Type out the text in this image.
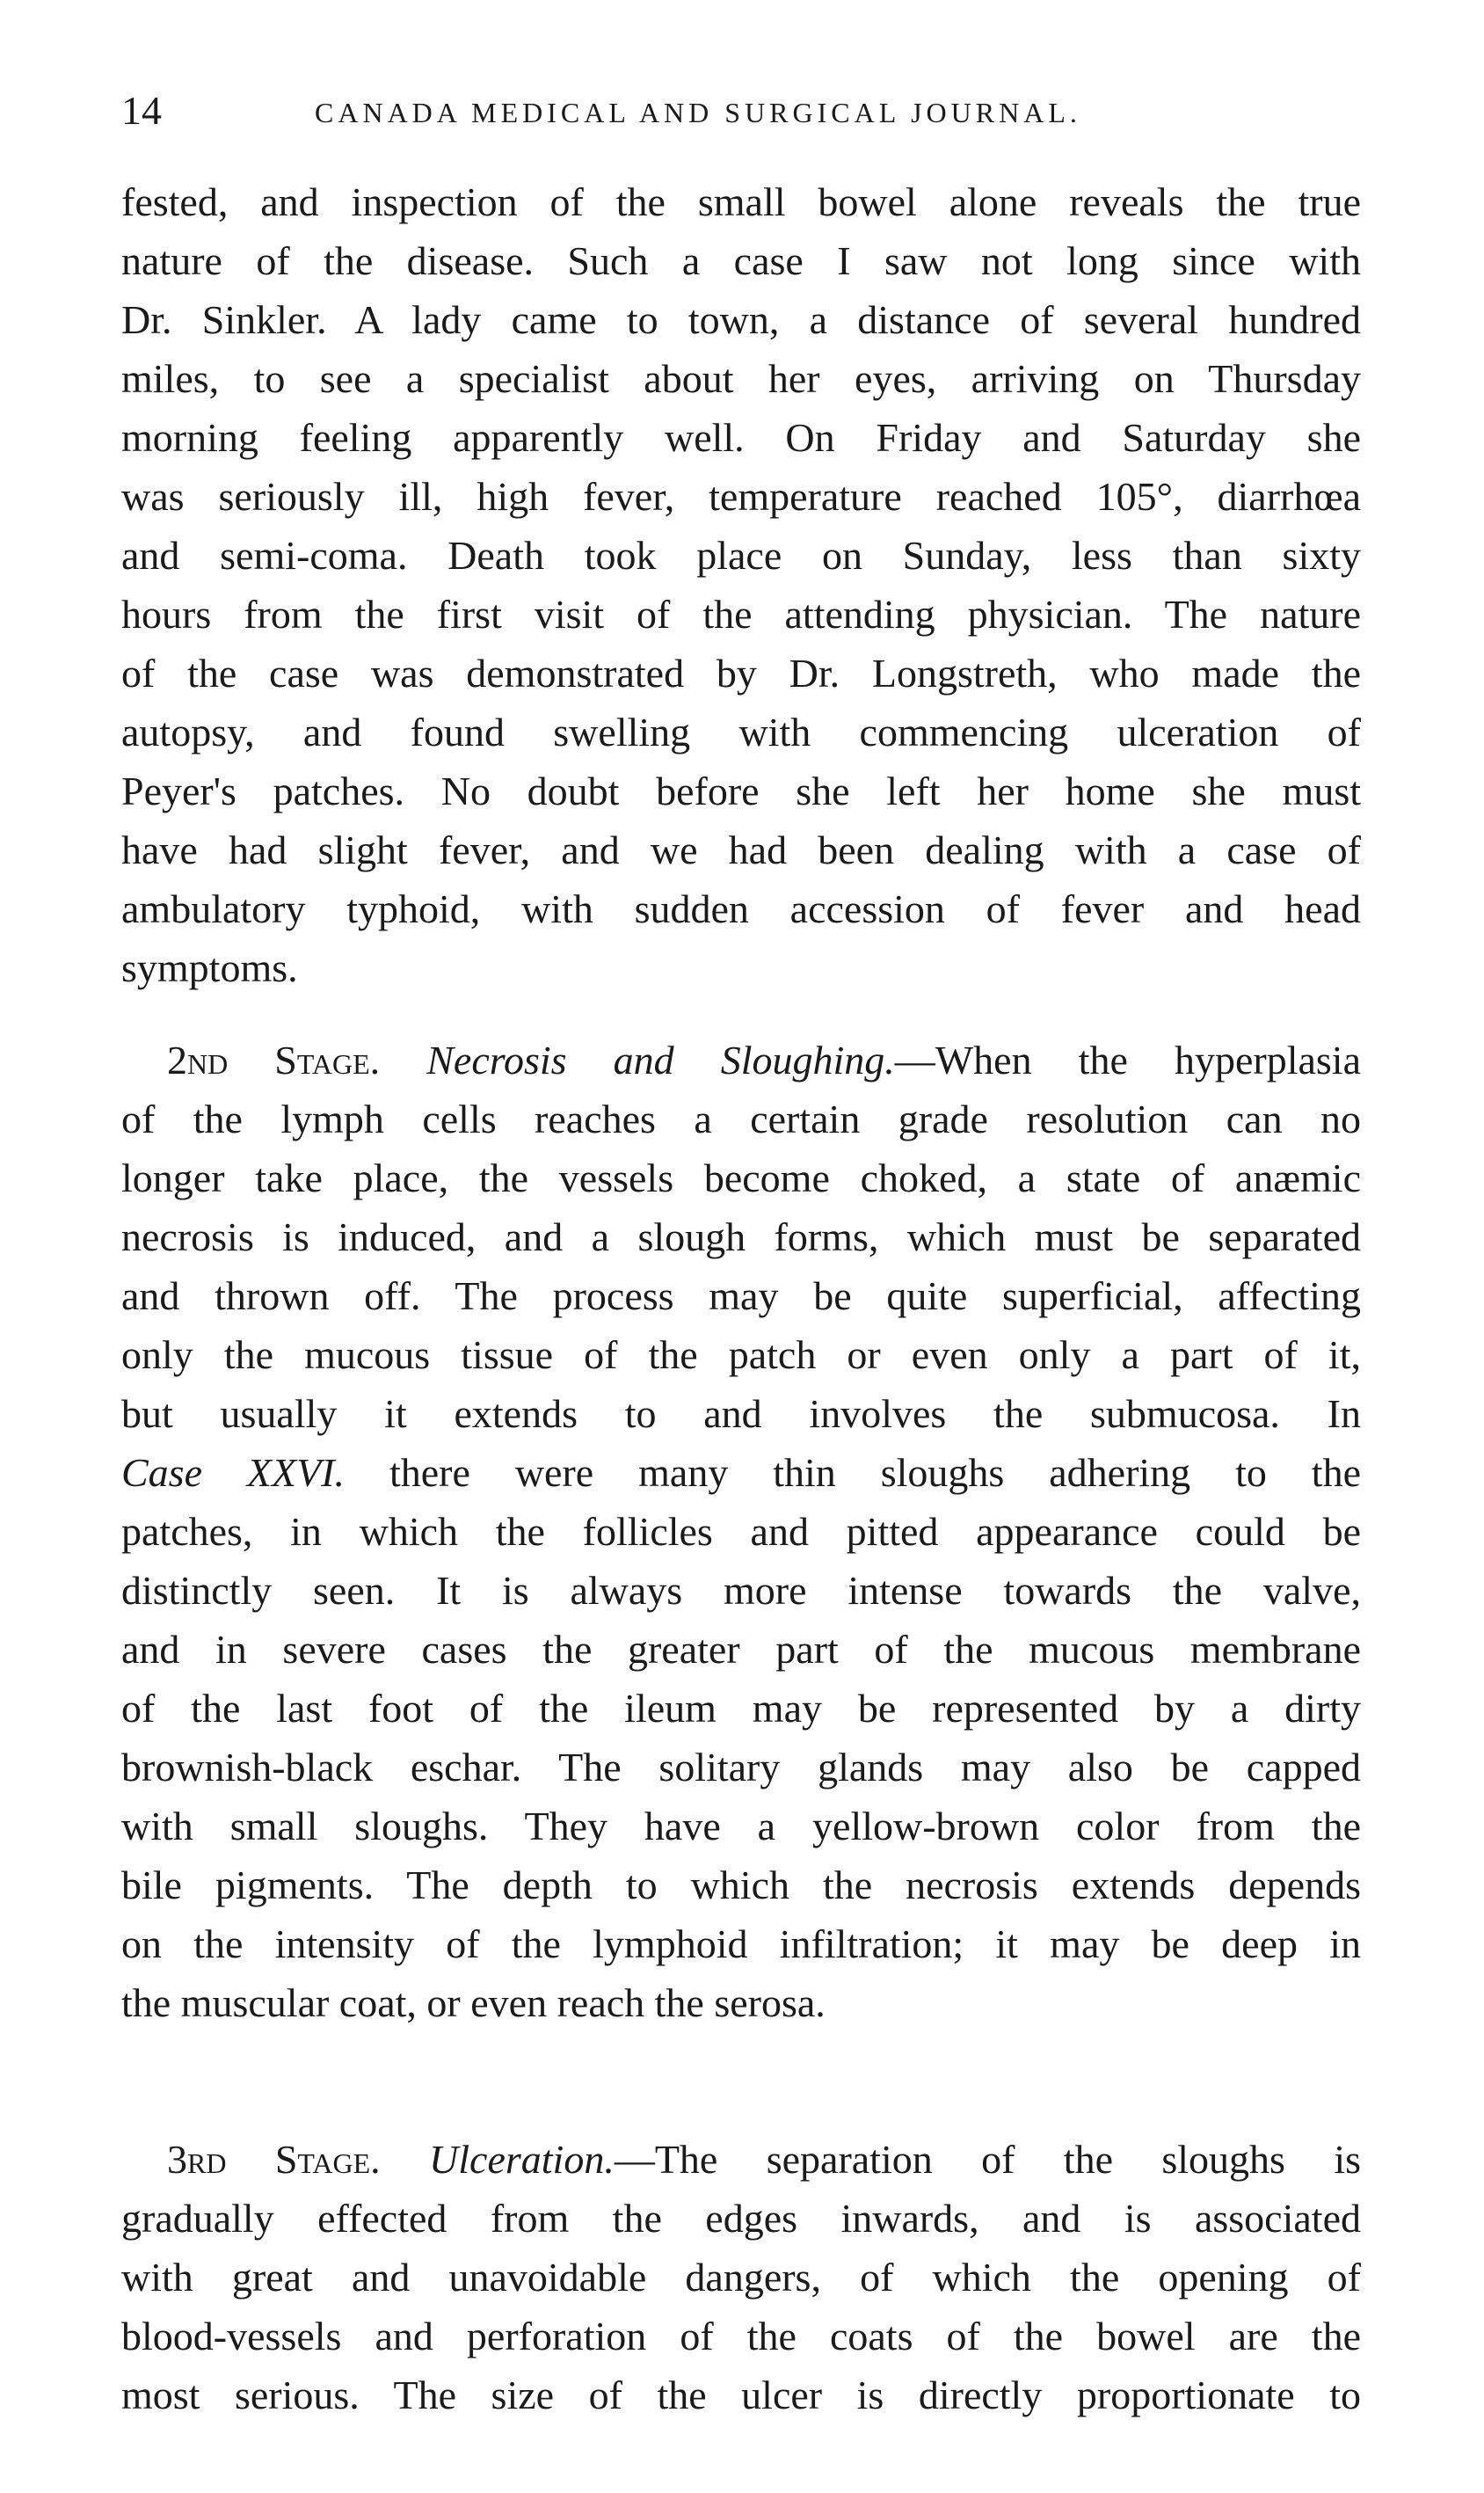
14	CANADA MEDICAL AND SURGICAL JOURNAL.
fested, and inspection of the small bowel alone reveals the true
nature of the disease. Such a case I saw not long since with
Dr. Sinkler. A lady came to town, a distance of several hundred
miles, to see a specialist about her eyes, arriving on Thursday
morning feeling apparently well. On Friday and Saturday she
was seriously ill, high fever, temperature reached 105°, diarrhœa
and semi-coma. Death took place on Sunday, less than sixty
hours from the first visit of the attending physician. The nature
of the case was demonstrated by Dr. Longstreth, who made the
autopsy, and found swelling with commencing ulceration of
Peyer's patches. No doubt before she left her home she must
have had slight fever, and we had been dealing with a case of
ambulatory typhoid, with sudden accession of fever and head
symptoms.
2nd Stage. Necrosis and Sloughing.—When the hyperplasia
of the lymph cells reaches a certain grade resolution can no
longer take place, the vessels become choked, a state of anæmic
necrosis is induced, and a slough forms, which must be separated
and thrown off. The process may be quite superficial, affecting
only the mucous tissue of the patch or even only a part of it,
but usually it extends to and involves the submucosa. In
Case XXVI. there were many thin sloughs adhering to the
patches, in which the follicles and pitted appearance could be
distinctly seen. It is always more intense towards the valve,
and in severe cases the greater part of the mucous membrane
of the last foot of the ileum may be represented by a dirty
brownish-black eschar. The solitary glands may also be capped
with small sloughs. They have a yellow-brown color from the
bile pigments. The depth to which the necrosis extends depends
on the intensity of the lymphoid infiltration; it may be deep in
the muscular coat, or even reach the serosa.
3rd Stage. Ulceration.—The separation of the sloughs is
gradually effected from the edges inwards, and is associated
with great and unavoidable dangers, of which the opening of
blood-vessels and perforation of the coats of the bowel are the
most serious. The size of the ulcer is directly proportionate to
